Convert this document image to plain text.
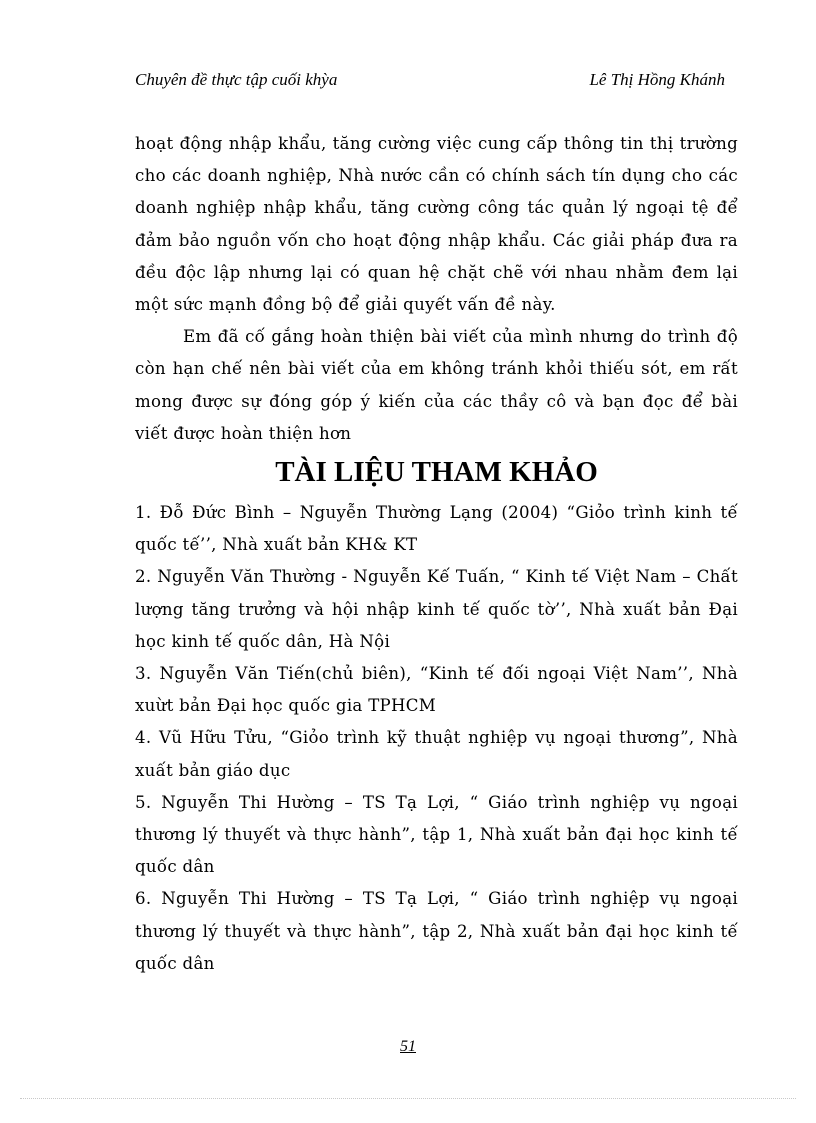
Chuyên đề thực tập cuối khỳa	Lê Thị Hồng Khánh

hoạt động nhập khẩu, tăng cường việc cung cấp thông tin thị trường cho các doanh nghiệp, Nhà nước cần có chính sách tín dụng cho các doanh nghiệp nhập khẩu, tăng cường công tác quản lý ngoại tệ để đảm bảo nguồn vốn cho hoạt động nhập khẩu. Các giải pháp đưa ra đều độc lập nhưng lại có quan hệ chặt chẽ với nhau nhằm đem lại một sức mạnh đồng bộ để giải quyết vấn đề này.

Em đã cố gắng hoàn thiện bài viết của mình nhưng do trình độ còn hạn chế nên bài viết của em không tránh khỏi thiếu sót, em rất mong được sự đóng góp ý kiến của các thầy cô và bạn đọc để bài viết được hoàn thiện hơn

TÀI LIỆU THAM KHẢO

1. Đỗ Đức Bình – Nguyễn Thường Lạng (2004) “Giỏo trình kinh tế quốc tế’’, Nhà xuất bản KH& KT

2. Nguyễn Văn Thường - Nguyễn Kế Tuấn, “ Kinh tế Việt Nam – Chất lượng tăng trưởng và hội nhập kinh tế quốc tờ’’, Nhà xuất bản Đại học kinh tế quốc dân, Hà Nội

3. Nguyễn Văn Tiến(chủ biên), “Kinh tế đối ngoại Việt Nam’’, Nhà xuừt bản Đại học quốc gia TPHCM

4. Vũ Hữu Tửu, “Giỏo trình kỹ thuật nghiệp vụ ngoại thương”, Nhà xuất bản giáo dục

5. Nguyễn Thi Hường – TS Tạ Lợi, “ Giáo trình nghiệp vụ ngoại thương lý thuyết và thực hành”, tập 1, Nhà xuất bản đại học kinh tế quốc dân

6. Nguyễn Thi Hường – TS Tạ Lợi, “ Giáo trình nghiệp vụ ngoại thương lý thuyết và thực hành”, tập 2, Nhà xuất bản đại học kinh tế quốc dân

51
